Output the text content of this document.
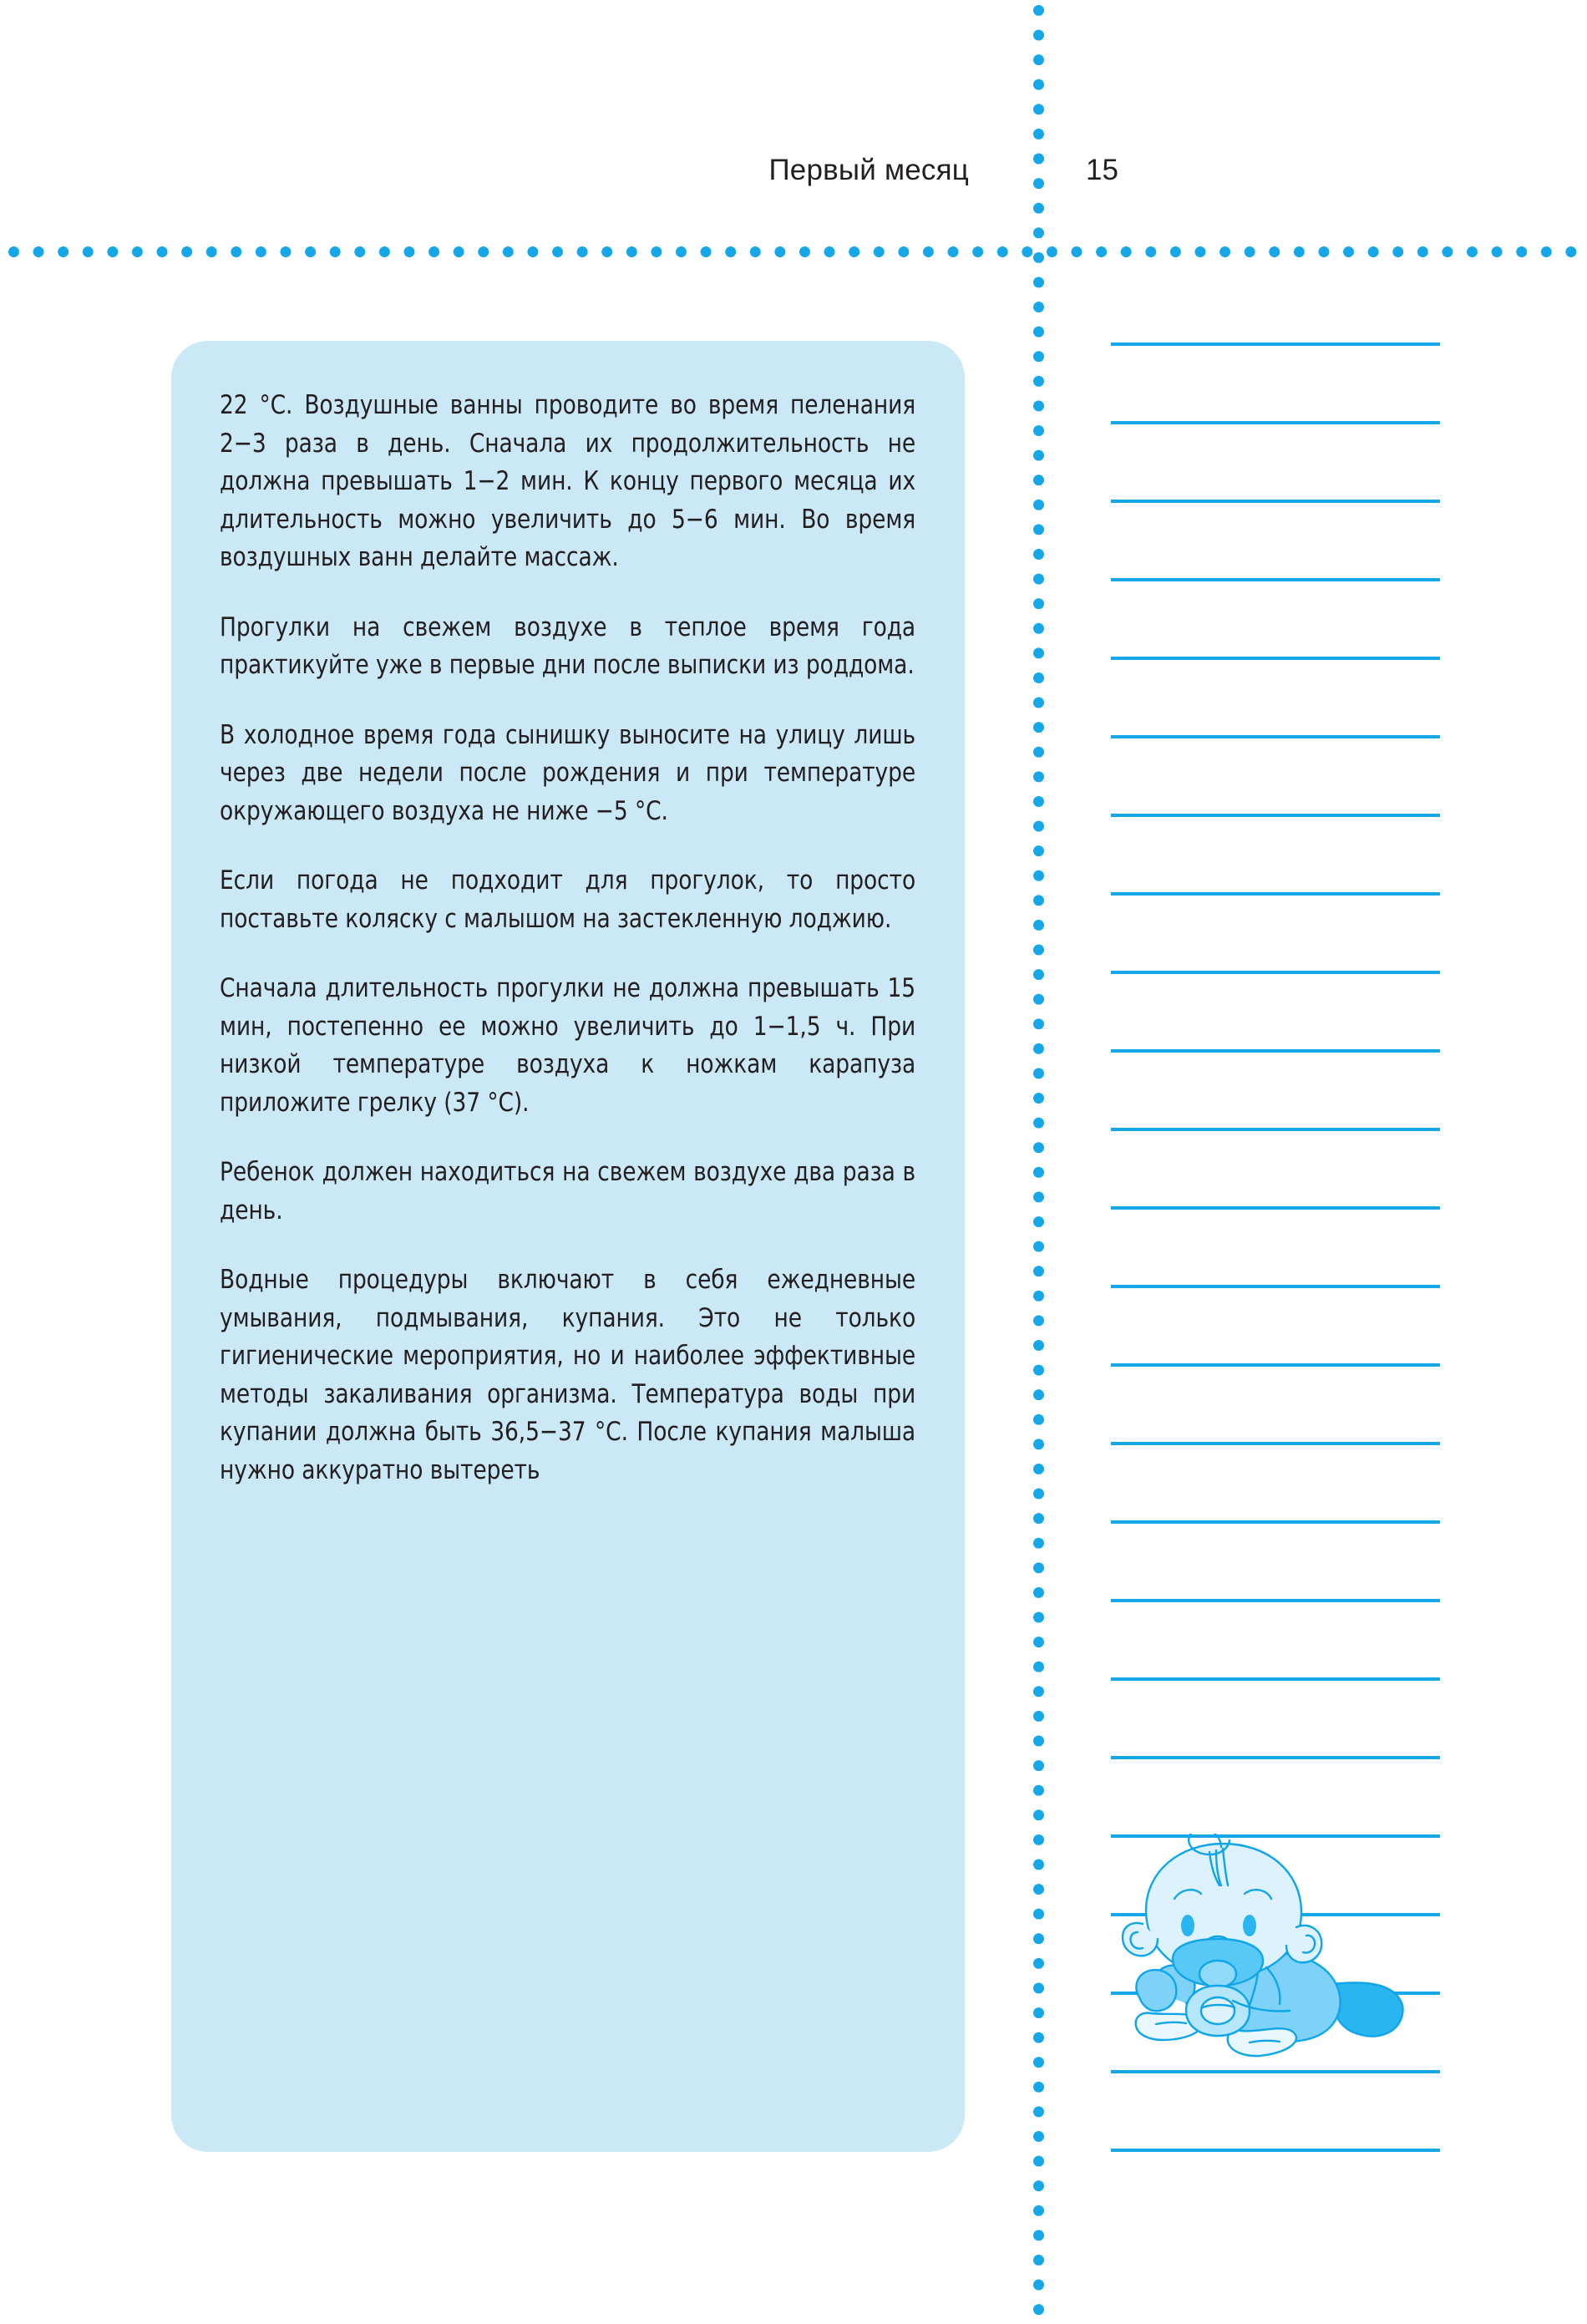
Первый месяц	15

22 °C. Воздушные ванны проводите во время пеленания 2−3 раза в день. Сначала их продолжительность не должна превышать 1−2 мин. К концу первого месяца их длительность можно увеличить до 5−6 мин. Во время воздушных ванн делайте массаж.

Прогулки на свежем воздухе в теплое время года практикуйте уже в первые дни после выписки из роддома.

В холодное время года сынишку выносите на улицу лишь через две недели после рождения и при температуре окружающего воздуха не ниже −5 °C.

Если погода не подходит для прогулок, то просто поставьте коляску с малышом на застекленную лоджию.

Сначала длительность прогулки не должна превышать 15 мин, постепенно ее можно увеличить до 1−1,5 ч. При низкой температуре воздуха к ножкам карапуза приложите грелку (37 °C).

Ребенок должен находиться на свежем воздухе два раза в день.

Водные процедуры включают в себя ежедневные умывания, подмывания, купания. Это не только гигиенические мероприятия, но и наиболее эффективные методы закаливания организма. Температура воды при купании должна быть 36,5−37 °C. После купания малыша нужно аккуратно вытереть
